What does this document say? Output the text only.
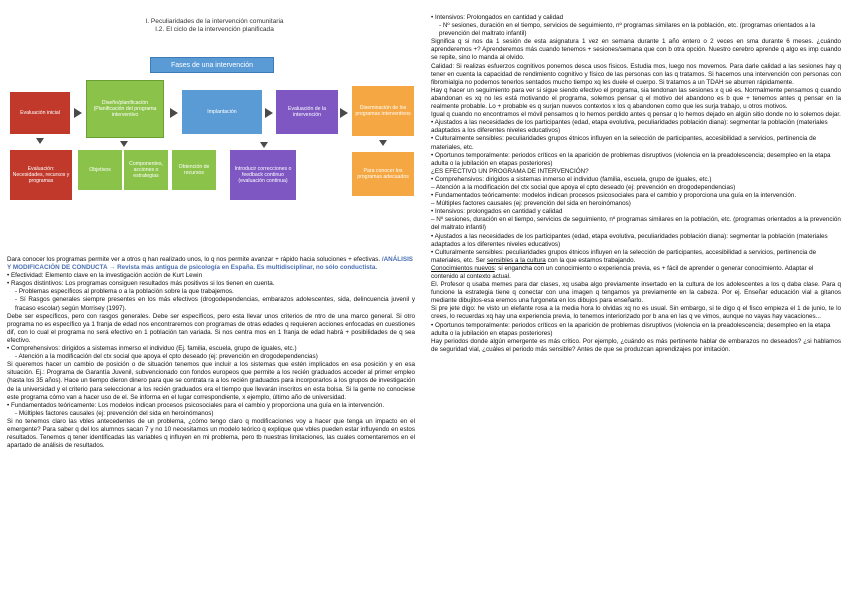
I. Peculiaridades de la intervención comunitaria
I.2. El ciclo de la intervención planificada
Fases de una intervención
Evaluación inicial
Diseño/planificación (Planificación del programa interventivo
Implantación
Evaluación de la intervención
Diseminación de los programas interventivos
Evaluación: Necesidades, recursos y programas
Objetivos
Componentes, acciones o estrategias
Obtención de recursos
Introducir correcciones o feedback continuo (evaluación continua)
Para conocer los programas adecuados

Dara conocer los programas permite ver a otros q han realizado unos, lo q nos permite avanzar + rápido hacia soluciones + efectivas. /ANÁLISIS Y MODIFICACIÓN DE CONDUCTA → Revista más antigua de psicología en España. Es multidisciplinar, no sólo conductista.

• Efectividad: Elemento clave en la investigación acción de Kurt Lewin

• Rasgos distintivos: Los programas consiguen resultados más positivos si los tienen en cuenta.

- Problemas específicos al problema o a la población sobre la que trabajemos.

- Sí Rasgos generales siempre presentes en los más efectivos (drogodependencias, embarazos adolescentes, sida, delincuencia juvenil y fracaso escolar) según Morrisey (1997).

Debe ser específicos, pero con rasgos generales. Debe ser específicos, pero esta llevar unos criterios de ntro de una marco general. Si otro programa no es específico ya 1 franja de edad nos encontraremos con programas de otras edades q requieren acciones enfocadas en cuestiones dif, con lo cual el programa no será efectivo en 1 población tan variada. Si nos centra mos en 1 franja de edad habrá + posibilidades de q sea efectivo.

• Comprehensivos: dirigidos a sistemas inmerso el individuo (Ej. familia, escuela, grupo de iguales, etc.)

- Atención a la modificación del ctx social que apoya el cpto deseado (ej: prevención en drogodependencias)

Si queremos hacer un cambio de posición o de situación tenemos que incluir a los sistemas que estén implicados en esa posición y en esa situación. Ej.: Programa de Garantía Juvenil, subvencionado con fondos europeos que permite a los recién graduados acceder al primer empleo (hasta los 35 años). Hace un tiempo dieron dinero para que se contrata ra a los recién graduados para incorporarlos a los grupos de investigación de la universidad y el criterio para seleccionar a los recién graduados era el tiempo que llevarán inscritos en esta bolsa. Si la gente no conociese este programa cómo van a hacer uso de el. Se informa en el lugar correspondiente, x ejemplo, último año de universidad.

• Fundamentados teóricamente: Los modelos indican procesos psicosociales para el cambio y proporciona una guía en la intervención.

- Múltiples factores causales (ej: prevención del sida en heroinómanos)

Si no tenemos claro las vbles antecedentes de un problema, ¿cómo tengo claro q modificaciones voy a hacer que tenga un impacto en el emergente? Para saber q del los alumnos sacan 7 y no 10 necesitamos un modelo teórico q explique que vbles pueden estar influyendo en estos resultados. Tenemos q tener identificadas las variables q influyen en mi problema, pero tb nuestras limitaciones, las cuales comentaremos en el apartado de análisis de resultados.

• Intensivos: Prolongados en cantidad y calidad

- Nº sesiones, duración en el tiempo, servicios de seguimiento, nº programas similares en la población, etc. (programas orientados a la prevención del maltrato infantil)

Significa q si nos da 1 sesión de esta asignatura 1 vez en semana durante 1 año entero o 2 veces en sma durante 6 meses. ¿cuándo aprenderemos +? Aprenderemos más cuando tenemos + sesiones/semana que con b otra opción. Nuestro cerebro aprende q algo es imp cuando se repite, sino lo manda al olvido.

Calidad: Si realizas esfuerzos cognitivos ponemos desca usos físicos. Estudia mos, luego nos movemos. Para darle calidad a las sesiones hay q tener en cuenta la capacidad de rendimiento cognitivo y físico de las personas con las q tratamos. Si hacemos una intervención con personas con fibromialgia no podemos tenerlos sentados mucho tiempo xq les duele el cuerpo. Si tratamos a un TDAH se aburren rápidamente.

Hay q hacer un seguimiento para ver si sigue siendo efectivo el programa, sia tendonan las sesiones x q ué es. Normalmente pensamos q cuando abandonan es xq no les está motivando el programa, solemos pensar q el motivo del abandono es b que + tenemos antes q pensar en la realmente probable. Lo + probable es q surjan nuevos contextos x los q abandonen como que les surja trabajo, u otros motivos.

Igual q cuando no encontramos el móvil pensamos q lo hemos perdido antes q pensar q lo hemos dejado en algún sitio donde no lo solemos dejar.

• Ajustados a las necesidades de los participantes (edad, etapa evolutiva, peculiaridades población diana): segmentar la población (materiales adaptados a los diferentes niveles educativos)

• Culturalmente sensibles: peculiaridades grupos étnicos influyen en la selección de participantes, accesibilidad a servicios, pertinencia de materiales, etc.

• Oportunos temporalmente: periodos críticos en la aparición de problemas disruptivos (violencia en la preadolescencia; desempleo en la etapa adulta o la jubilación en etapas posteriores)

¿ES EFECTIVO UN PROGRAMA DE INTERVENCIÓN?

• Comprehensivos: dirigidos a sistemas inmerso el individuo (familia, escuela, grupo de iguales, etc.)

– Atención a la modificación del ctx social que apoya el cpto deseado (ej: prevención en drogodependencias)

• Fundamentados teóricamente: modelos indican procesos psicosociales para el cambio y proporciona una guía en la intervención.

– Múltiples factores causales (ej: prevención del sida en heroinómanos)

• Intensivos: prolongados en cantidad y calidad

– Nº sesiones, duración en el tiempo, servicios de seguimiento, nº programas similares en la población, etc. (programas orientados a la prevención del maltrato infantil)

• Ajustados a las necesidades de los participantes (edad, etapa evolutiva, peculiaridades población diana): segmentar la población (materiales adaptados a los diferentes niveles educativos)

• Culturalmente sensibles: peculiaridades grupos étnicos influyen en la selección de participantes, accesibilidad a servicios, pertinencia de materiales, etc. Ser sensibles a la cultura con la que estamos trabajando.

Conocimientos nuevos: si engancha con un conocimiento o experiencia previa, es + fácil de aprender o generar conocimiento. Adaptar el contenido al contexto actual.

El. Profesor q usaba memes para dar clases, xq usaba algo previamente insertado en la cultura de los adolescentes a los q daba clase. Para q funcione la estrategia tiene q conectar con una imagen q tengamos ya previamente en la cabeza. Por ej. Enseñar educación vial a gitanos mediante dibujitos-esa eremos una furgoneta en los dibujos para enseñarlo.

Si pre jete digo: he visto un elefante rosa a la media hora lo olvidas xq no es usual. Sin embargo, si te digo q el fisco empieza el 1 de junio, te lo crees, lo recuerdas xq hay una experiencia previa, lo tenemos interiorizado por b ana en las q ve vimos, aunque no vayas hay vacaciones...

• Oportunos temporalmente: periodos críticos en la aparición de problemas disruptivos (violencia en la preadolescencia; desempleo en la etapa adulta o la jubilación en etapas posteriores)

Hay periodos donde algún emergente es más crítico. Por ejemplo, ¿cuándo es más pertinente hablar de embarazos no deseados? ¿si hablamos de seguridad vial, ¿cuáles el periodo más sensible? Antes de que se produzcan aprendizajes por imitación.
